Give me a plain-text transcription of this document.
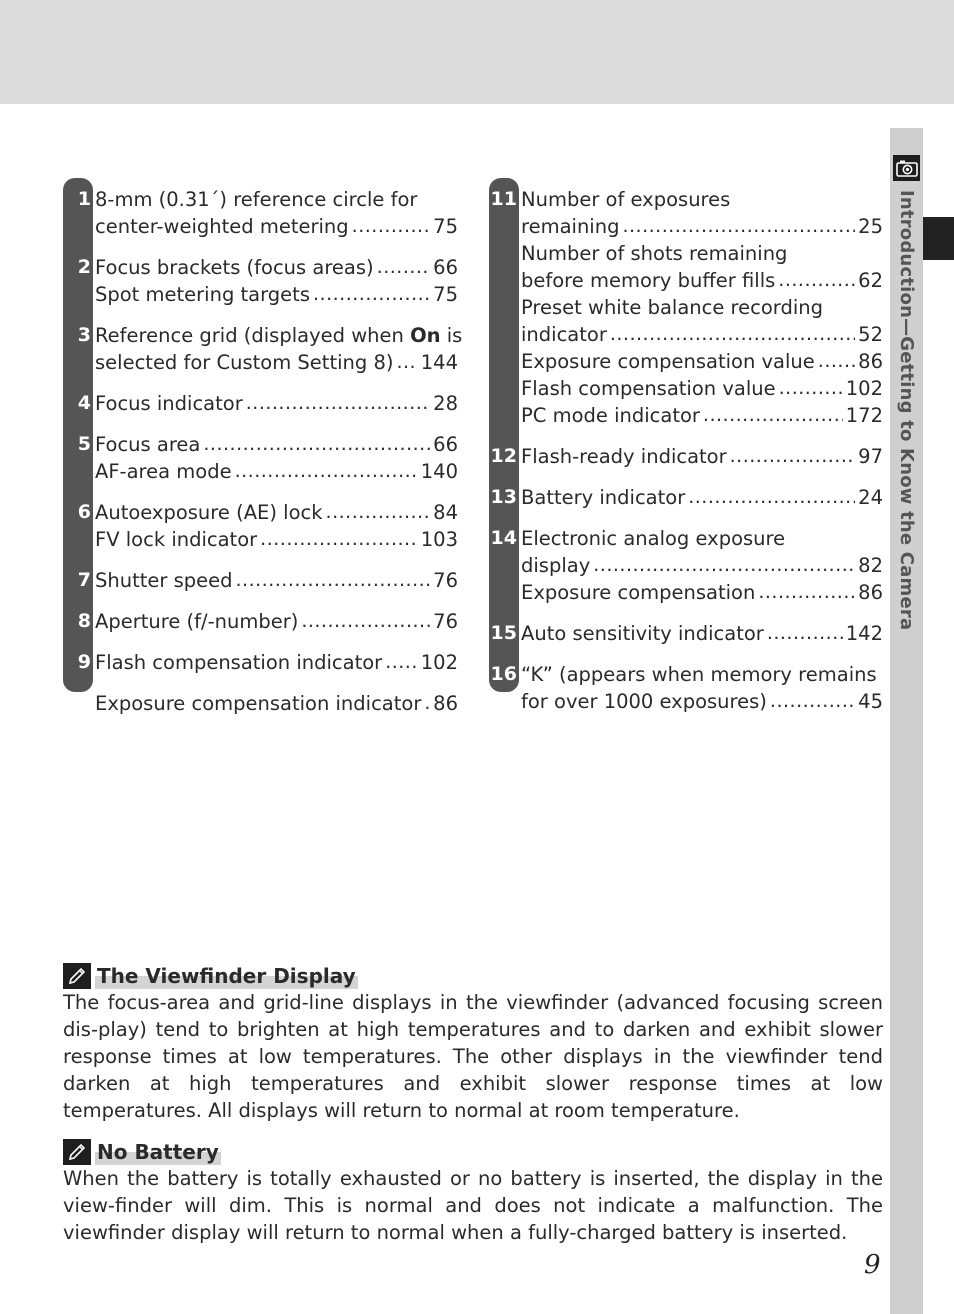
Introduction—Getting to Know the Camera
1 8-mm (0.31´) reference circle for
center-weighted metering .....	75
2 Focus brackets (focus areas) .....	66
Spot metering targets .....	75
3 Reference grid (displayed when On is
selected for Custom Setting 8) ..... 144
4 Focus indicator .....	28
5 Focus area .....	66
AF-area mode .....	140
6 Autoexposure (AE) lock .....	84
FV lock indicator .....	103
7 Shutter speed .....	76
8 Aperture (f/-number) .....	76
9 Flash compensation indicator ..... 102
10 Exposure compensation indicator ..... 86
11 Number of exposures
remaining .....	25
Number of shots remaining
before memory buffer fills .....	62
Preset white balance recording
indicator .....	52
Exposure compensation value ..... 86
Flash compensation value .....	102
PC mode indicator .....	172
12 Flash-ready indicator .....	97
13 Battery indicator .....	24
14 Electronic analog exposure
display .....	82
Exposure compensation .....	86
15 Auto sensitivity indicator .....	142
16 “K” (appears when memory remains
for over 1000 exposures) .....	45
The Viewfinder Display
The focus-area and grid-line displays in the viewfinder (advanced focusing screen dis-play) tend to brighten at high temperatures and to darken and exhibit slower response times at low temperatures. The other displays in the viewfinder tend darken at high temperatures and exhibit slower response times at low temperatures. All displays will return to normal at room temperature.
No Battery
When the battery is totally exhausted or no battery is inserted, the display in the view-finder will dim. This is normal and does not indicate a malfunction. The viewfinder display will return to normal when a fully-charged battery is inserted.
9
